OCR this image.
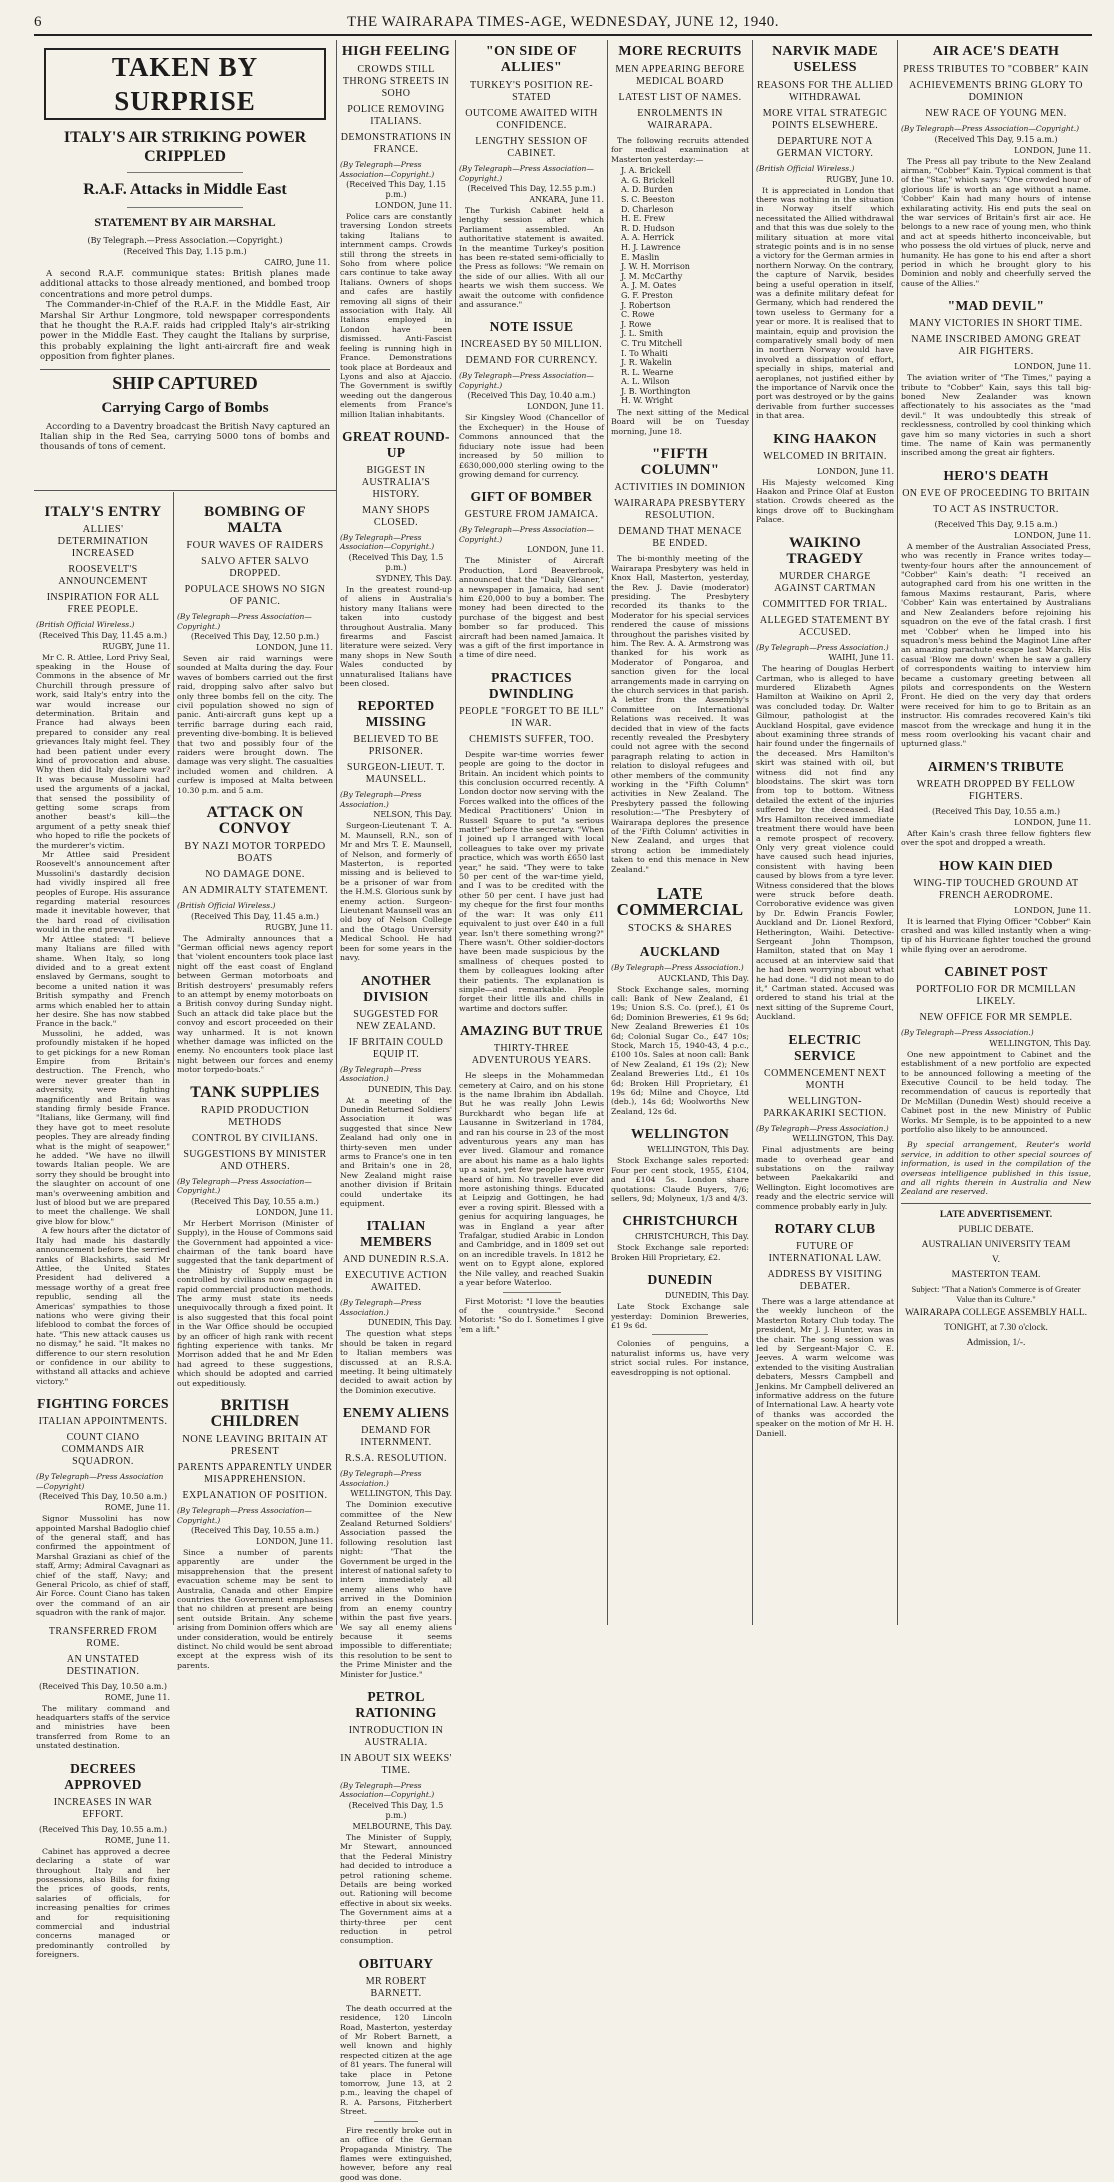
6	THE WAIRARAPA TIMES-AGE, WEDNESDAY, JUNE 12, 1940.
TAKEN BY SURPRISE
ITALY'S AIR STRIKING POWER CRIPPLED
R.A.F. Attacks in Middle East
STATEMENT BY AIR MARSHAL
(By Telegraph.—Press Association.—Copyright.)
(Received This Day, 1.15 p.m.)
CAIRO, June 11.

A second R.A.F. communique states: British planes made additional attacks to those already mentioned, and bombed troop concentrations and more petrol dumps.

The Commander-in-Chief of the R.A.F. in the Middle East, Air Marshal Sir Arthur Longmore, told newspaper correspondents that he thought the R.A.F. raids had crippled Italy's air-striking power in the Middle East. They caught the Italians by surprise, this probably explaining the light anti-aircraft fire and weak opposition from fighter planes.

SHIP CAPTURED
Carrying Cargo of Bombs

According to a Daventry broadcast the British Navy captured an Italian ship in the Red Sea, carrying 5000 tons of bombs and thousands of tons of cement.

ITALY'S ENTRY
ALLIES' DETERMINATION INCREASED
ROOSEVELT'S ANNOUNCEMENT
INSPIRATION FOR ALL FREE PEOPLE.
(British Official Wireless.)
(Received This Day, 11.45 a.m.)
RUGBY, June 11.

Mr C. R. Attlee, Lord Privy Seal, speaking in the House of Commons in the absence of Mr Churchill through pressure of work, said Italy's entry into the war would increase our determination. Britain and France had always been prepared to consider any real grievances Italy might feel. They had been patient under every kind of provocation and abuse. Why then did Italy declare war? It was because Mussolini had used the arguments of a jackal, that sensed the possibility of getting some scraps from another beast's kill—the argument of a petty sneak thief who hoped to rifle the pockets of the murderer's victim.

Mr Attlee said President Roosevelt's announcement after Mussolini's dastardly decision had vividly inspired all free peoples of Europe. His assurance regarding material resources made it inevitable however, that the hard road of civilisation would in the end prevail.

Mr Attlee stated: "I believe many Italians are filled with shame. When Italy, so long divided and to a great extent enslaved by Germans, sought to become a united nation it was British sympathy and French arms which enabled her to attain her desire. She has now stabbed France in the back."

Mussolini, he added, was profoundly mistaken if he hoped to get pickings for a new Roman Empire from Britain's destruction. The French, who were never greater than in adversity, were fighting magnificently and Britain was standing firmly beside France. "Italians, like Germany, will find they have got to meet resolute peoples. They are already finding what is the might of seapower," he added. "We have no illwill towards Italian people. We are sorry they should be brought into the slaughter on account of one man's overweening ambition and lust of blood but we are prepared to meet the challenge. We shall give blow for blow."

A few hours after the dictator of Italy had made his dastardly announcement before the serried ranks of Blackshirts, said Mr Attlee, the United States President had delivered a message worthy of a great free republic, sending all the Americas' sympathies to those nations who were giving their lifeblood to combat the forces of hate. "This new attack causes us no dismay," he said. "It makes no difference to our stern resolution or confidence in our ability to withstand all attacks and achieve victory."

FIGHTING FORCES
ITALIAN APPOINTMENTS.
COUNT CIANO COMMANDS AIR SQUADRON.
(By Telegraph—Press Association—Copyright)
(Received This Day, 10.50 a.m.)
ROME, June 11.

Signor Mussolini has now appointed Marshal Badoglio chief of the general staff, and has confirmed the appointment of Marshal Graziani as chief of the staff, Army; Admiral Cavagnari as chief of the staff, Navy; and General Pricolo, as chief of staff, Air Force. Count Ciano has taken over the command of an air squadron with the rank of major.

TRANSFERRED FROM ROME.
AN UNSTATED DESTINATION.
(Received This Day, 10.50 a.m.)
ROME, June 11.

The military command and headquarters staffs of the service and ministries have been transferred from Rome to an unstated destination.

DECREES APPROVED
INCREASES IN WAR EFFORT.
(Received This Day, 10.55 a.m.)
ROME, June 11.

Cabinet has approved a decree declaring a state of war throughout Italy and her possessions, also Bills for fixing the prices of goods, rents, salaries of officials, for increasing penalties for crimes and for requisitioning commercial and industrial concerns managed or predominantly controlled by foreigners.

BOMBING OF MALTA
FOUR WAVES OF RAIDERS
SALVO AFTER SALVO DROPPED.
POPULACE SHOWS NO SIGN OF PANIC.
(By Telegraph—Press Association—Copyright.)
(Received This Day, 12.50 p.m.)
LONDON, June 11.

Seven air raid warnings were sounded at Malta during the day. Four waves of bombers carried out the first raid, dropping salvo after salvo but only three bombs fell on the city. The civil population showed no sign of panic. Anti-aircraft guns kept up a terrific barrage during each raid, preventing dive-bombing. It is believed that two and possibly four of the raiders were brought down. The damage was very slight. The casualties included women and children. A curfew is imposed at Malta between 10.30 p.m. and 5 a.m.

ATTACK ON CONVOY
BY NAZI MOTOR TORPEDO BOATS
NO DAMAGE DONE.
AN ADMIRALTY STATEMENT.
(British Official Wireless.)
(Received This Day, 11.45 a.m.)
RUGBY, June 11.

The Admiralty announces that a "German official news agency report that 'violent encounters took place last night off the east coast of England between German motorboats and British destroyers' presumably refers to an attempt by enemy motorboats on a British convoy during Sunday night. Such an attack did take place but the convoy and escort proceeded on their way unharmed. It is not known whether damage was inflicted on the enemy. No encounters took place last night between our forces and enemy motor torpedo-boats."

TANK SUPPLIES
RAPID PRODUCTION METHODS
CONTROL BY CIVILIANS.
SUGGESTIONS BY MINISTER AND OTHERS.
(By Telegraph—Press Association—Copyright.)
(Received This Day, 10.55 a.m.)
LONDON, June 11.

Mr Herbert Morrison (Minister of Supply), in the House of Commons said the Government had appointed a vice-chairman of the tank board have suggested that the tank department of the Ministry of Supply must be controlled by civilians now engaged in rapid commercial production methods. The army must state its needs unequivocally through a fixed point. It is also suggested that this focal point in the War Office should be occupied by an officer of high rank with recent fighting experience with tanks. Mr Morrison added that he and Mr Eden had agreed to these suggestions, which should be adopted and carried out expeditiously.

BRITISH CHILDREN
NONE LEAVING BRITAIN AT PRESENT
PARENTS APPARENTLY UNDER MISAPPREHENSION.
EXPLANATION OF POSITION.
(By Telegraph—Press Association—Copyright.)
(Received This Day, 10.55 a.m.)
LONDON, June 11.

Since a number of parents apparently are under the misapprehension that the present evacuation scheme may be sent to Australia, Canada and other Empire countries the Government emphasises that no children at present are being sent outside Britain. Any scheme arising from Dominion offers which are under consideration, would be entirely distinct. No child would be sent abroad except at the express wish of its parents.

HIGH FEELING
CROWDS STILL THRONG STREETS IN SOHO
POLICE REMOVING ITALIANS.
DEMONSTRATIONS IN FRANCE.
(By Telegraph—Press Association—Copyright.)
(Received This Day, 1.15 p.m.)
LONDON, June 11.

Police cars are constantly traversing London streets taking Italians to internment camps. Crowds still throng the streets in Soho from where police cars continue to take away Italians. Owners of shops and cafes are hastily removing all signs of their association with Italy. All Italians employed in London have been dismissed. Anti-Fascist feeling is running high in France. Demonstrations took place at Bordeaux and Lyons and also at Ajaccio. The Government is swiftly weeding out the dangerous elements from France's million Italian inhabitants.

GREAT ROUND-UP
BIGGEST IN AUSTRALIA'S HISTORY.
MANY SHOPS CLOSED.
(By Telegraph—Press Association—Copyright.)
(Received This Day, 1.5 p.m.)
SYDNEY, This Day.

In the greatest round-up of aliens in Australia's history many Italians were taken into custody throughout Australia. Many firearms and Fascist literature were seized. Very many shops in New South Wales conducted by unnaturalised Italians have been closed.

REPORTED MISSING
BELIEVED TO BE PRISONER.
SURGEON-LIEUT. T. MAUNSELL.
(By Telegraph—Press Association.)
NELSON, This Day.

Surgeon-Lieutenant T. A. M. Maunsell, R.N., son of Mr and Mrs T. E. Maunsell, of Nelson, and formerly of Masterton, is reported missing and is believed to be a prisoner of war from the H.M.S. Glorious sunk by enemy action. Surgeon-Lieutenant Maunsell was an old boy of Nelson College and the Otago University Medical School. He had been for some years in the navy.

ANOTHER DIVISION
SUGGESTED FOR NEW ZEALAND.
IF BRITAIN COULD EQUIP IT.
(By Telegraph—Press Association.)
DUNEDIN, This Day.

At a meeting of the Dunedin Returned Soldiers' Association it was suggested that since New Zealand had only one in thirty-seven men under arms to France's one in ten and Britain's one in 28, New Zealand might raise another division if Britain could undertake its equipment.

ITALIAN MEMBERS
AND DUNEDIN R.S.A.
EXECUTIVE ACTION AWAITED.
(By Telegraph—Press Association.)
DUNEDIN, This Day.

The question what steps should be taken in regard to Italian members was discussed at an R.S.A. meeting. It being ultimately decided to await action by the Dominion executive.

ENEMY ALIENS
DEMAND FOR INTERNMENT.
R.S.A. RESOLUTION.
(By Telegraph—Press Association.)
WELLINGTON, This Day.

The Dominion executive committee of the New Zealand Returned Soldiers' Association passed the following resolution last night: "That the Government be urged in the interest of national safety to intern immediately all enemy aliens who have arrived in the Dominion from an enemy country within the past five years. We say all enemy aliens because it seems impossible to differentiate; this resolution to be sent to the Prime Minister and the Minister for Justice."

PETROL RATIONING
INTRODUCTION IN AUSTRALIA.
IN ABOUT SIX WEEKS' TIME.
(By Telegraph—Press Association—Copyright.)
(Received This Day, 1.5 p.m.)
MELBOURNE, This Day.

The Minister of Supply, Mr Stewart, announced that the Federal Ministry had decided to introduce a petrol rationing scheme. Details are being worked out. Rationing will become effective in about six weeks. The Government aims at a thirty-three per cent reduction in petrol consumption.

OBITUARY
MR ROBERT BARNETT.

The death occurred at the residence, 120 Lincoln Road, Masterton, yesterday of Mr Robert Barnett, a well known and highly respected citizen at the age of 81 years. The funeral will take place in Petone tomorrow, June 13, at 2 p.m., leaving the chapel of R. A. Parsons, Fitzherbert Street.

Fire recently broke out in an office of the German Propaganda Ministry. The flames were extinguished, however, before any real good was done.

"ON SIDE OF ALLIES"
TURKEY'S POSITION RE-STATED
OUTCOME AWAITED WITH CONFIDENCE.
LENGTHY SESSION OF CABINET.
(By Telegraph—Press Association—Copyright.)
(Received This Day, 12.55 p.m.)
ANKARA, June 11.

The Turkish Cabinet held a lengthy session after which Parliament assembled. An authoritative statement is awaited. In the meantime Turkey's position has been re-stated semi-officially to the Press as follows: "We remain on the side of our allies. With all our hearts we wish them success. We await the outcome with confidence and assurance."

NOTE ISSUE
INCREASED BY 50 MILLION.
DEMAND FOR CURRENCY.
(By Telegraph—Press Association—Copyright.)
(Received This Day, 10.40 a.m.)
LONDON, June 11.

Sir Kingsley Wood (Chancellor of the Exchequer) in the House of Commons announced that the fiduciary note issue had been increased by 50 million to £630,000,000 sterling owing to the growing demand for currency.

GIFT OF BOMBER
GESTURE FROM JAMAICA.
(By Telegraph—Press Association—Copyright.)
LONDON, June 11.

The Minister of Aircraft Production, Lord Beaverbrook, announced that the "Daily Gleaner," a newspaper in Jamaica, had sent him £20,000 to buy a bomber. The money had been directed to the purchase of the biggest and best bomber so far produced. This aircraft had been named Jamaica. It was a gift of the first importance in a time of dire need.

PRACTICES DWINDLING
PEOPLE "FORGET TO BE ILL" IN WAR.
CHEMISTS SUFFER, TOO.

Despite war-time worries fewer people are going to the doctor in Britain. An incident which points to this conclusion occurred recently. A London doctor now serving with the Forces walked into the offices of the Medical Practitioners' Union in Russell Square to put "a serious matter" before the secretary. "When I joined up I arranged with local colleagues to take over my private practice, which was worth £650 last year," he said. "They were to take 50 per cent of the war-time yield, and I was to be credited with the other 50 per cent. I have just had my cheque for the first four months of the war: It was only £11 equivalent to just over £40 in a full year. Isn't there something wrong?" There wasn't. Other soldier-doctors have been made suspicious by the smallness of cheques posted to them by colleagues looking after their patients. The explanation is simple—and remarkable. People forget their little ills and chills in wartime and doctors suffer.

AMAZING BUT TRUE
THIRTY-THREE ADVENTUROUS YEARS.

He sleeps in the Mohammedan cemetery at Cairo, and on his stone is the name Ibrahim ibn Abdallah. But he was really John Lewis Burckhardt who began life at Lausanne in Switzerland in 1784, and ran his course in 23 of the most adventurous years any man has ever lived. Glamour and romance are about his name as a halo lights up a saint, yet few people have ever heard of him. No traveller ever did more astonishing things. Educated at Leipzig and Gottingen, he had ever a roving spirit. Blessed with a genius for acquiring languages, he was in England a year after Trafalgar, studied Arabic in London and Cambridge, and in 1809 set out on an incredible travels. In 1812 he went on to Egypt alone, explored the Nile valley, and reached Suakin a year before Waterloo.

First Motorist: "I love the beauties of the countryside." Second Motorist: "So do I. Sometimes I give 'em a lift."

MORE RECRUITS
MEN APPEARING BEFORE MEDICAL BOARD
LATEST LIST OF NAMES.
ENROLMENTS IN WAIRARAPA.

The following recruits attended for medical examination at Masterton yesterday:—

J. A. Brickell
A. G. Brickell
A. D. Burden
S. C. Beeston
D. Charleson
H. E. Frew
R. D. Hudson
A. A. Herrick
H. J. Lawrence
E. Maslin
J. W. H. Morrison
J. M. McCarthy
A. J. M. Oates
G. F. Preston
J. Robertson
C. Rowe
J. Rowe
J. L. Smith
C. Tru Mitchell
I. To Whaiti
J. R. Wakelin
R. L. Wearne
A. L. Wilson
J. B. Worthington
H. W. Wright

The next sitting of the Medical Board will be on Tuesday morning, June 18.

"FIFTH COLUMN"
ACTIVITIES IN DOMINION
WAIRARAPA PRESBYTERY RESOLUTION.
DEMAND THAT MENACE BE ENDED.

The bi-monthly meeting of the Wairarapa Presbytery was held in Knox Hall, Masterton, yesterday, the Rev. J. Davie (moderator) presiding. The Presbytery recorded its thanks to the Moderator for his special services rendered the cause of missions throughout the parishes visited by him. The Rev. A. A. Armstrong was thanked for his work as Moderator of Pongaroa, and sanction given for the local arrangements made in carrying on the church services in that parish. A letter from the Assembly's Committee on International Relations was received. It was decided that in view of the facts recently revealed the Presbytery could not agree with the second paragraph relating to action in relation to disloyal refugees and other members of the community working in the "Fifth Column" activities in New Zealand. The Presbytery passed the following resolution:—"The Presbytery of Wairarapa deplores the presence of the 'Fifth Column' activities in New Zealand, and urges that strong action be immediately taken to end this menace in New Zealand."

LATE COMMERCIAL
STOCKS & SHARES
AUCKLAND
(By Telegraph—Press Association.)
AUCKLAND, This Day.

Stock Exchange sales, morning call: Bank of New Zealand, £1 19s; Union S.S. Co. (pref.), £1 0s 6d; Dominion Breweries, £1 9s 6d; New Zealand Breweries £1 10s 6d; Colonial Sugar Co., £47 10s; Stock, March 15, 1940-43, 4 p.c., £100 10s. Sales at noon call: Bank of New Zealand, £1 19s (2); New Zealand Breweries Ltd., £1 10s 6d; Broken Hill Proprietary, £1 19s 6d; Milne and Choyce, Ltd (deb.), 14s 6d; Woolworths New Zealand, 12s 6d.

WELLINGTON
WELLINGTON, This Day.

Stock Exchange sales reported: Four per cent stock, 1955, £104, and £104 5s. London share quotations: Claude Buyers, 7/6; sellers, 9d; Molyneux, 1/3 and 4/3.

CHRISTCHURCH
CHRISTCHURCH, This Day.

Stock Exchange sale reported: Broken Hill Proprietary, £2.

DUNEDIN
DUNEDIN, This Day.

Late Stock Exchange sale yesterday: Dominion Breweries, £1 9s 6d.

Colonies of penguins, a naturalist informs us, have very strict social rules. For instance, eavesdropping is not optional.

NARVIK MADE USELESS
REASONS FOR THE ALLIED WITHDRAWAL
MORE VITAL STRATEGIC POINTS ELSEWHERE.
DEPARTURE NOT A GERMAN VICTORY.
(British Official Wireless.)
RUGBY, June 10.

It is appreciated in London that there was nothing in the situation in Norway itself which necessitated the Allied withdrawal and that this was due solely to the military situation at more vital strategic points and is in no sense a victory for the German armies in northern Norway. On the contrary, the capture of Narvik, besides being a useful operation in itself, was a definite military defeat for Germany, which had rendered the town useless to Germany for a year or more. It is realised that to maintain, equip and provision the comparatively small body of men in northern Norway would have involved a dissipation of effort, specially in ships, material and aeroplanes, not justified either by the importance of Narvik once the port was destroyed or by the gains derivable from further successes in that area.

KING HAAKON
WELCOMED IN BRITAIN.
LONDON, June 11.

His Majesty welcomed King Haakon and Prince Olaf at Euston station. Crowds cheered as the kings drove off to Buckingham Palace.

WAIKINO TRAGEDY
MURDER CHARGE AGAINST CARTMAN
COMMITTED FOR TRIAL.
ALLEGED STATEMENT BY ACCUSED.
(By Telegraph—Press Association.)
WAIHI, June 11.

The hearing of Douglas Herbert Cartman, who is alleged to have murdered Elizabeth Agnes Hamilton at Waikino on April 2, was concluded today. Dr. Walter Gilmour, pathologist at the Auckland Hospital, gave evidence about examining three strands of hair found under the fingernails of the deceased. Mrs Hamilton's skirt was stained with oil, but witness did not find any bloodstains. The skirt was torn from top to bottom. Witness detailed the extent of the injuries suffered by the deceased. Had Mrs Hamilton received immediate treatment there would have been a remote prospect of recovery. Only very great violence could have caused such head injuries, consistent with having been caused by blows from a tyre lever. Witness considered that the blows were struck before death. Corroborative evidence was given by Dr. Edwin Francis Fowler, Auckland and Dr. Lionel Rexford, Hetherington, Waihi. Detective-Sergeant John Thompson, Hamilton, stated that on May 1 accused at an interview said that he had been worrying about what he had done. "I did not mean to do it," Cartman stated. Accused was ordered to stand his trial at the next sitting of the Supreme Court, Auckland.

ELECTRIC SERVICE
COMMENCEMENT NEXT MONTH
WELLINGTON-PARKAKARIKI SECTION.
(By Telegraph—Press Association.)
WELLINGTON, This Day.

Final adjustments are being made to overhead gear and substations on the railway between Paekakariki and Wellington. Eight locomotives are ready and the electric service will commence probably early in July.

ROTARY CLUB
FUTURE OF INTERNATIONAL LAW.
ADDRESS BY VISITING DEBATER.

There was a large attendance at the weekly luncheon of the Masterton Rotary Club today. The president, Mr J. J. Hunter, was in the chair. The song session was led by Sergeant-Major C. E. Jeeves. A warm welcome was extended to the visiting Australian debaters, Messrs Campbell and Jenkins. Mr Campbell delivered an informative address on the future of International Law. A hearty vote of thanks was accorded the speaker on the motion of Mr H. H. Daniell.

AIR ACE'S DEATH
PRESS TRIBUTES TO "COBBER" KAIN
ACHIEVEMENTS BRING GLORY TO DOMINION
NEW RACE OF YOUNG MEN.
(By Telegraph—Press Association—Copyright.)
(Received This Day, 9.15 a.m.)
LONDON, June 11.

The Press all pay tribute to the New Zealand airman, "Cobber" Kain. Typical comment is that of the "Star," which says: "One crowded hour of glorious life is worth an age without a name. 'Cobber' Kain had many hours of intense exhilarating activity. His end puts the seal on the war services of Britain's first air ace. He belongs to a new race of young men, who think and act at speeds hitherto inconceivable, but who possess the old virtues of pluck, nerve and humanity. He has gone to his end after a short period in which he brought glory to his Dominion and nobly and cheerfully served the cause of the Allies."

"MAD DEVIL"
MANY VICTORIES IN SHORT TIME.
NAME INSCRIBED AMONG GREAT AIR FIGHTERS.
LONDON, June 11.

The aviation writer of "The Times," paying a tribute to "Cobber" Kain, says this tall big-boned New Zealander was known affectionately to his associates as the "mad devil." It was undoubtedly this streak of recklessness, controlled by cool thinking which gave him so many victories in such a short time. The name of Kain was permanently inscribed among the great air fighters.

HERO'S DEATH
ON EVE OF PROCEEDING TO BRITAIN
TO ACT AS INSTRUCTOR.
(Received This Day, 9.15 a.m.)
LONDON, June 11.

A member of the Australian Associated Press, who was recently in France writes today—twenty-four hours after the announcement of "Cobber" Kain's death: "I received an autographed card from his one written in the famous Maxims restaurant, Paris, where 'Cobber' Kain was entertained by Australians and New Zealanders before rejoining his squadron on the eve of the fatal crash. I first met 'Cobber' when he limped into his squadron's mess behind the Maginot Line after an amazing parachute escape last March. His casual 'Blow me down' when he saw a gallery of correspondents waiting to interview him became a customary greeting between all pilots and correspondents on the Western Front. He died on the very day that orders were received for him to go to Britain as an instructor. His comrades recovered Kain's tiki mascot from the wreckage and hung it in the mess room overlooking his vacant chair and upturned glass."

AIRMEN'S TRIBUTE
WREATH DROPPED BY FELLOW FIGHTERS.
(Received This Day, 10.55 a.m.)
LONDON, June 11.

After Kain's crash three fellow fighters flew over the spot and dropped a wreath.

HOW KAIN DIED
WING-TIP TOUCHED GROUND AT FRENCH AERODROME.
LONDON, June 11.

It is learned that Flying Officer "Cobber" Kain crashed and was killed instantly when a wing-tip of his Hurricane fighter touched the ground while flying over an aerodrome.

CABINET POST
PORTFOLIO FOR DR MCMILLAN LIKELY.
NEW OFFICE FOR MR SEMPLE.
(By Telegraph—Press Association.)
WELLINGTON, This Day.

One new appointment to Cabinet and the establishment of a new portfolio are expected to be announced following a meeting of the Executive Council to be held today. The recommendation of caucus is reportedly that Dr McMillan (Dunedin West) should receive a Cabinet post in the new Ministry of Public Works. Mr Semple, is to be appointed to a new portfolio also likely to be announced.

By special arrangement, Reuter's world service, in addition to other special sources of information, is used in the compilation of the overseas intelligence published in this issue, and all rights therein in Australia and New Zealand are reserved.

LATE ADVERTISEMENT.
PUBLIC DEBATE.
AUSTRALIAN UNIVERSITY TEAM
V.
MASTERTON TEAM.
Subject: "That a Nation's Commerce is of Greater Value than its Culture."
WAIRARAPA COLLEGE ASSEMBLY HALL.
TONIGHT, at 7.30 o'clock.
Admission, 1/-.
